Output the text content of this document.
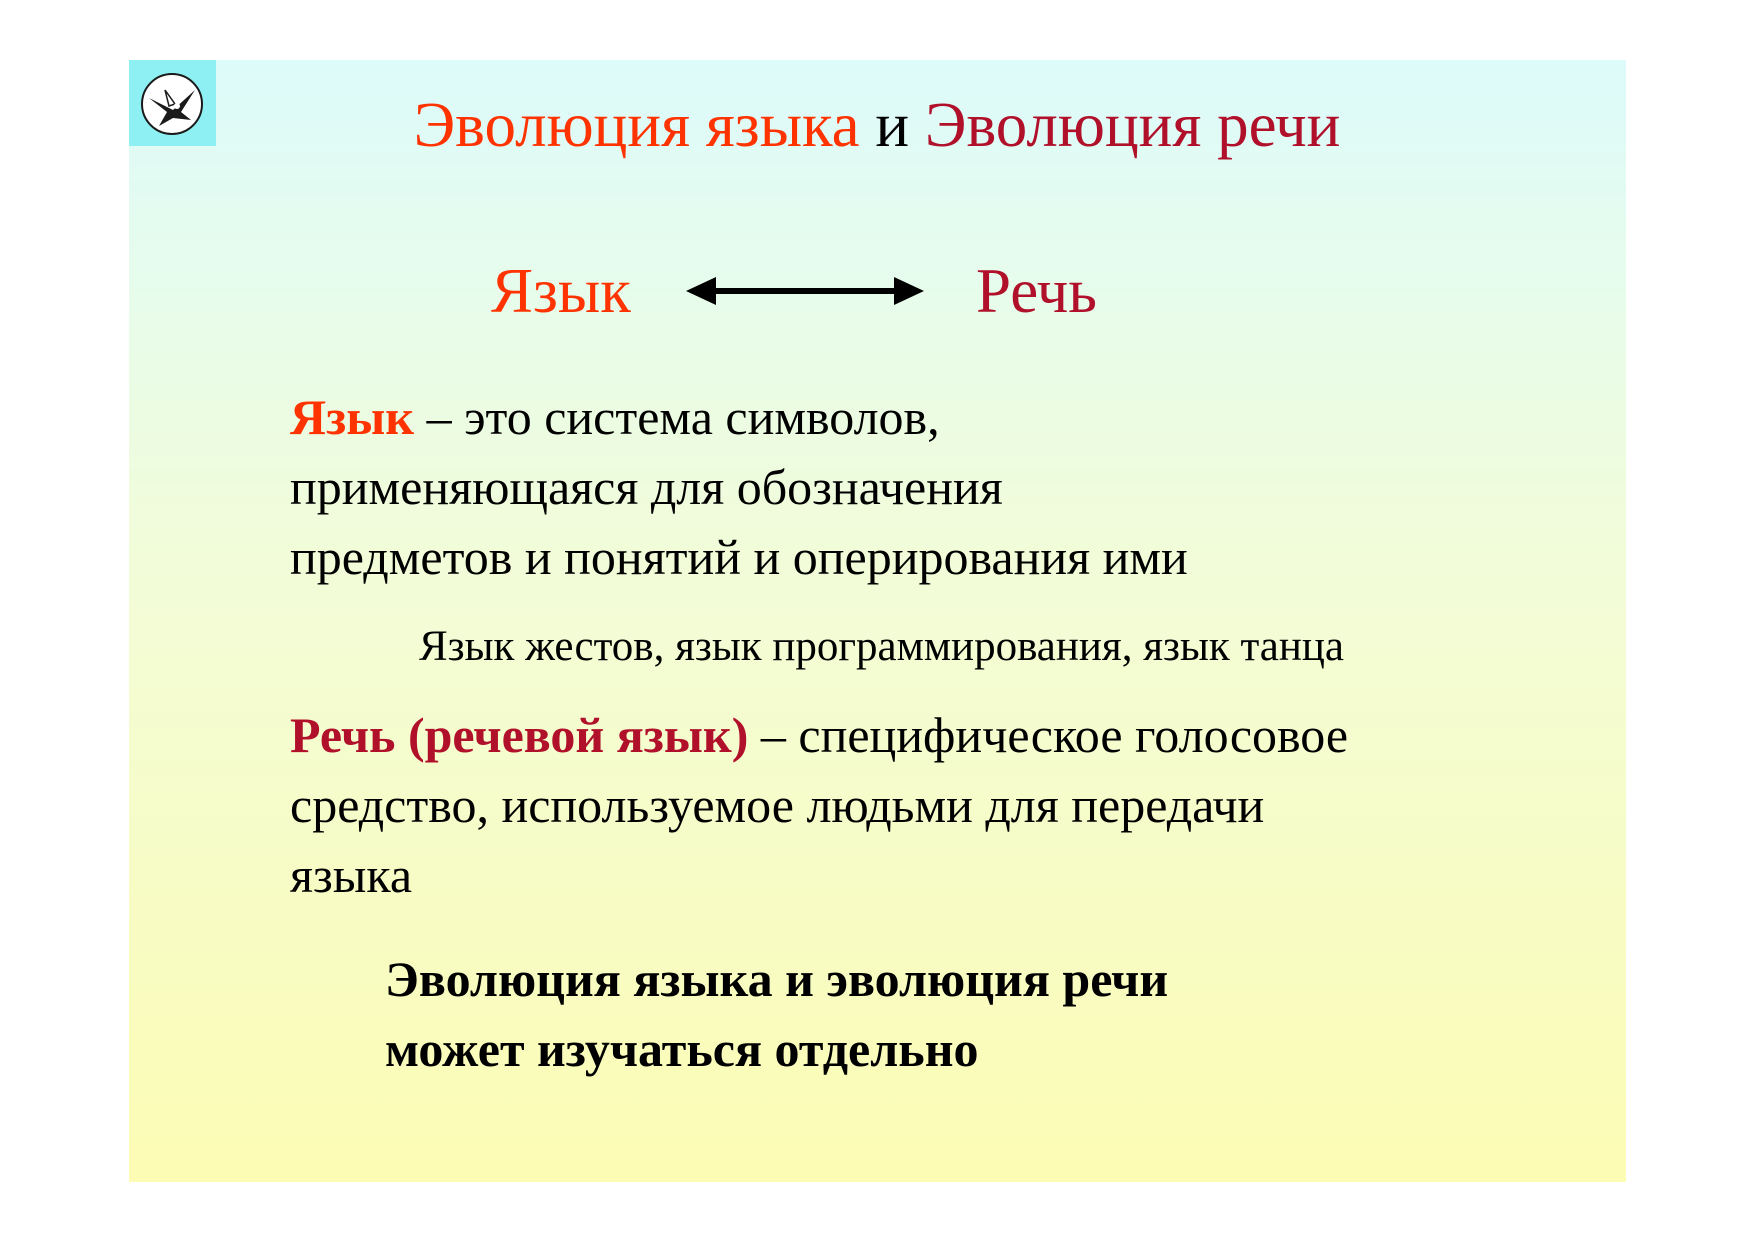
Эволюция языка и Эволюция речи
Язык	Речь
Язык – это система символов,
применяющаяся для обозначения
предметов и понятий и оперирования ими
Язык жестов, язык программирования, язык танца
Речь (речевой язык) – специфическое голосовое
средство, используемое людьми для передачи
языка
Эволюция языка и эволюция речи
может изучаться отдельно
